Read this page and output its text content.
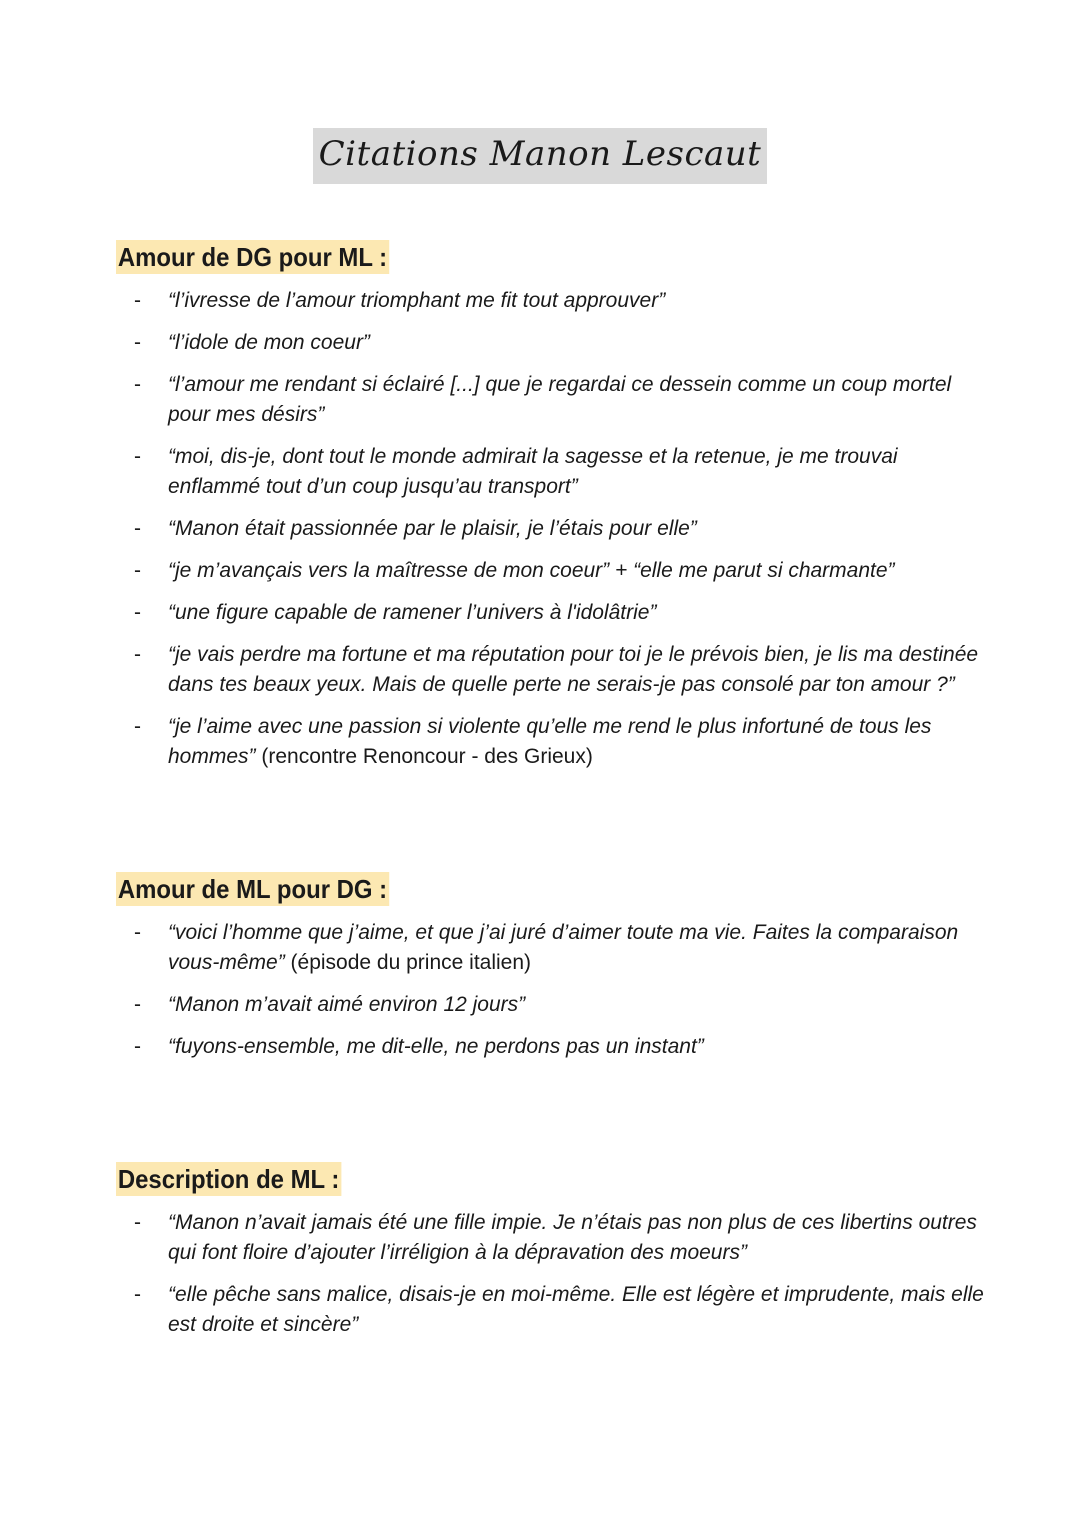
Citations Manon Lescaut
Amour de DG pour ML :
- “l’ivresse de l’amour triomphant me fit tout approuver”
- “l’idole de mon coeur”
- “l’amour me rendant si éclairé [...] que je regardai ce dessein comme un coup mortel pour mes désirs”
- “moi, dis-je, dont tout le monde admirait la sagesse et la retenue, je me trouvai enflammé tout d’un coup jusqu’au transport”
- “Manon était passionnée par le plaisir, je l’étais pour elle”
- “je m’avançais vers la maîtresse de mon coeur” + “elle me parut si charmante”
- “une figure capable de ramener l’univers à l'idolâtrie”
- “je vais perdre ma fortune et ma réputation pour toi je le prévois bien, je lis ma destinée dans tes beaux yeux. Mais de quelle perte ne serais-je pas consolé par ton amour ?”
- “je l’aime avec une passion si violente qu’elle me rend le plus infortuné de tous les hommes” (rencontre Renoncour - des Grieux)
Amour de ML pour DG :
- “voici l’homme que j’aime, et que j’ai juré d’aimer toute ma vie. Faites la comparaison vous-même” (épisode du prince italien)
- “Manon m’avait aimé environ 12 jours”
- “fuyons-ensemble, me dit-elle, ne perdons pas un instant”
Description de ML :
- “Manon n’avait jamais été une fille impie. Je n’étais pas non plus de ces libertins outres qui font floire d’ajouter l’irréligion à la dépravation des moeurs”
- “elle pêche sans malice, disais-je en moi-même. Elle est légère et imprudente, mais elle est droite et sincère”
